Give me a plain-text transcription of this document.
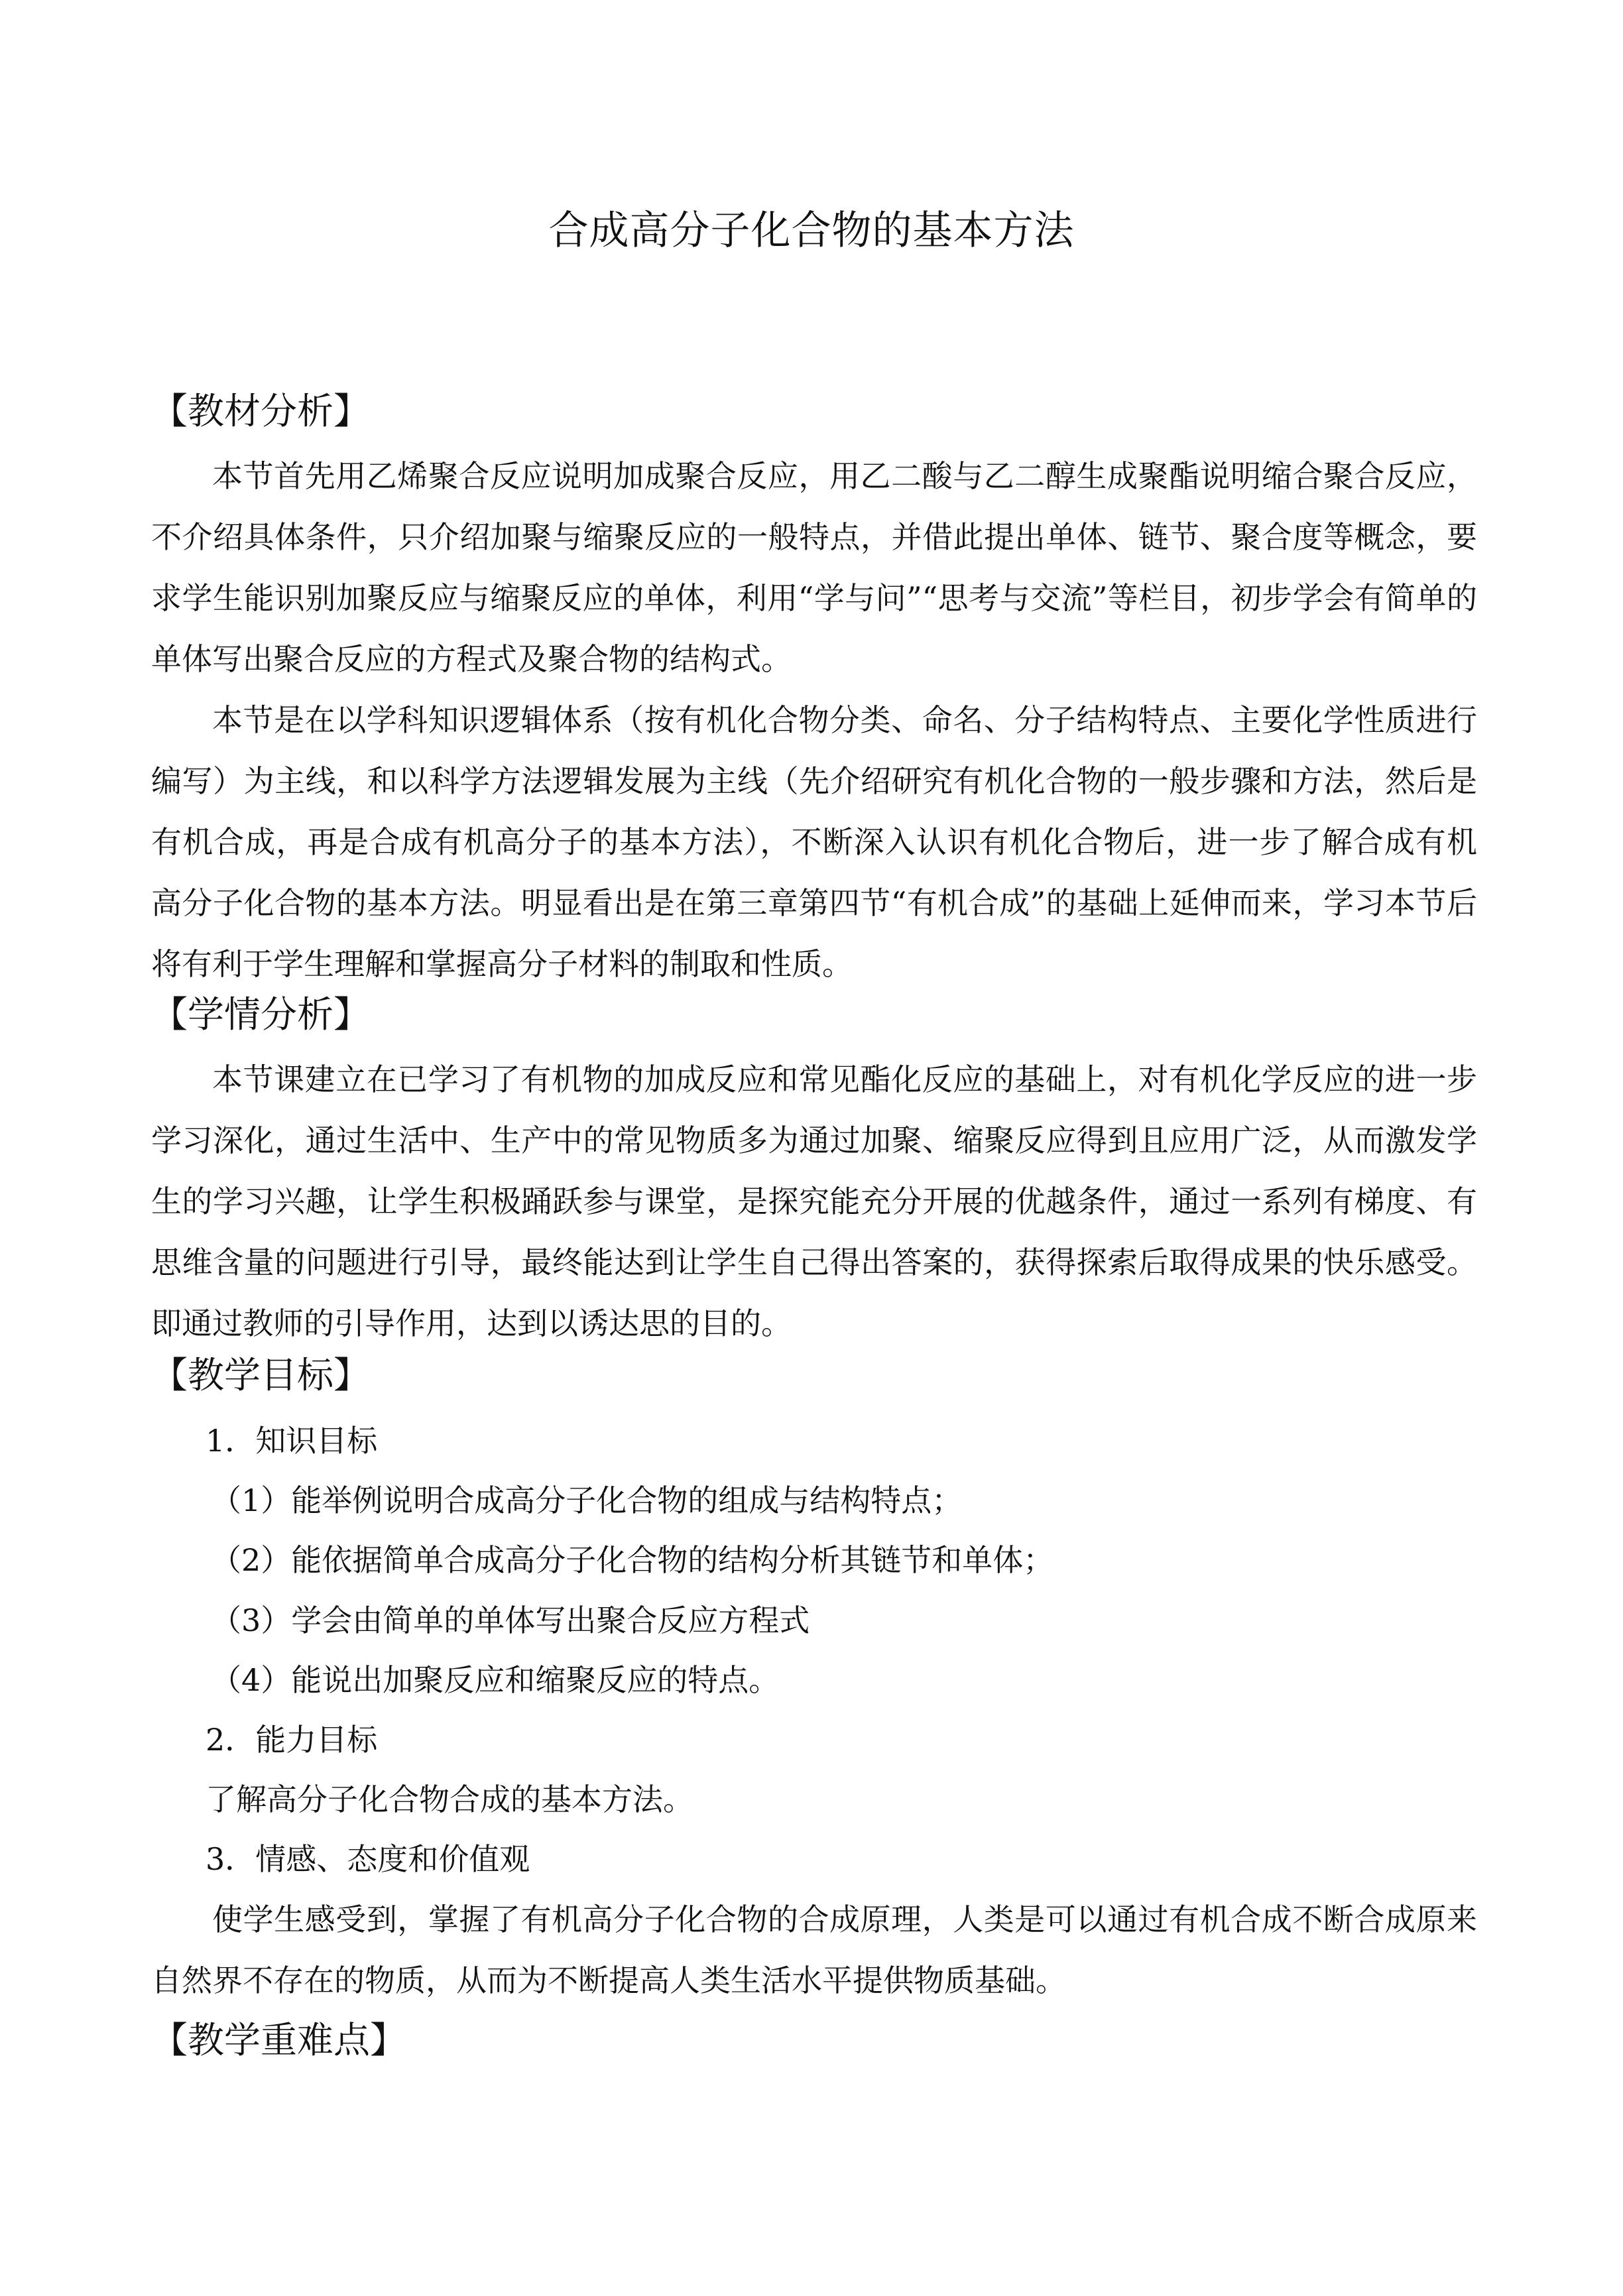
合成高分子化合物的基本方法
【教材分析】

本节首先用乙烯聚合反应说明加成聚合反应，用乙二酸与乙二醇生成聚酯说明缩合聚合反应，不介绍具体条件，只介绍加聚与缩聚反应的一般特点，并借此提出单体、链节、聚合度等概念，要求学生能识别加聚反应与缩聚反应的单体，利用“学与问”“思考与交流”等栏目，初步学会有简单的单体写出聚合反应的方程式及聚合物的结构式。

本节是在以学科知识逻辑体系（按有机化合物分类、命名、分子结构特点、主要化学性质进行编写）为主线，和以科学方法逻辑发展为主线（先介绍研究有机化合物的一般步骤和方法，然后是有机合成，再是合成有机高分子的基本方法），不断深入认识有机化合物后，进一步了解合成有机高分子化合物的基本方法。明显看出是在第三章第四节“有机合成”的基础上延伸而来，学习本节后将有利于学生理解和掌握高分子材料的制取和性质。

【学情分析】

本节课建立在已学习了有机物的加成反应和常见酯化反应的基础上，对有机化学反应的进一步学习深化，通过生活中、生产中的常见物质多为通过加聚、缩聚反应得到且应用广泛，从而激发学生的学习兴趣，让学生积极踊跃参与课堂，是探究能充分开展的优越条件，通过一系列有梯度、有思维含量的问题进行引导，最终能达到让学生自己得出答案的，获得探索后取得成果的快乐感受。即通过教师的引导作用，达到以诱达思的目的。

【教学目标】
1．知识目标
（1）能举例说明合成高分子化合物的组成与结构特点；
（2）能依据简单合成高分子化合物的结构分析其链节和单体；
（3）学会由简单的单体写出聚合反应方程式
（4）能说出加聚反应和缩聚反应的特点。
2．能力目标
了解高分子化合物合成的基本方法。
3．情感、态度和价值观

使学生感受到，掌握了有机高分子化合物的合成原理，人类是可以通过有机合成不断合成原来自然界不存在的物质，从而为不断提高人类生活水平提供物质基础。

【教学重难点】
